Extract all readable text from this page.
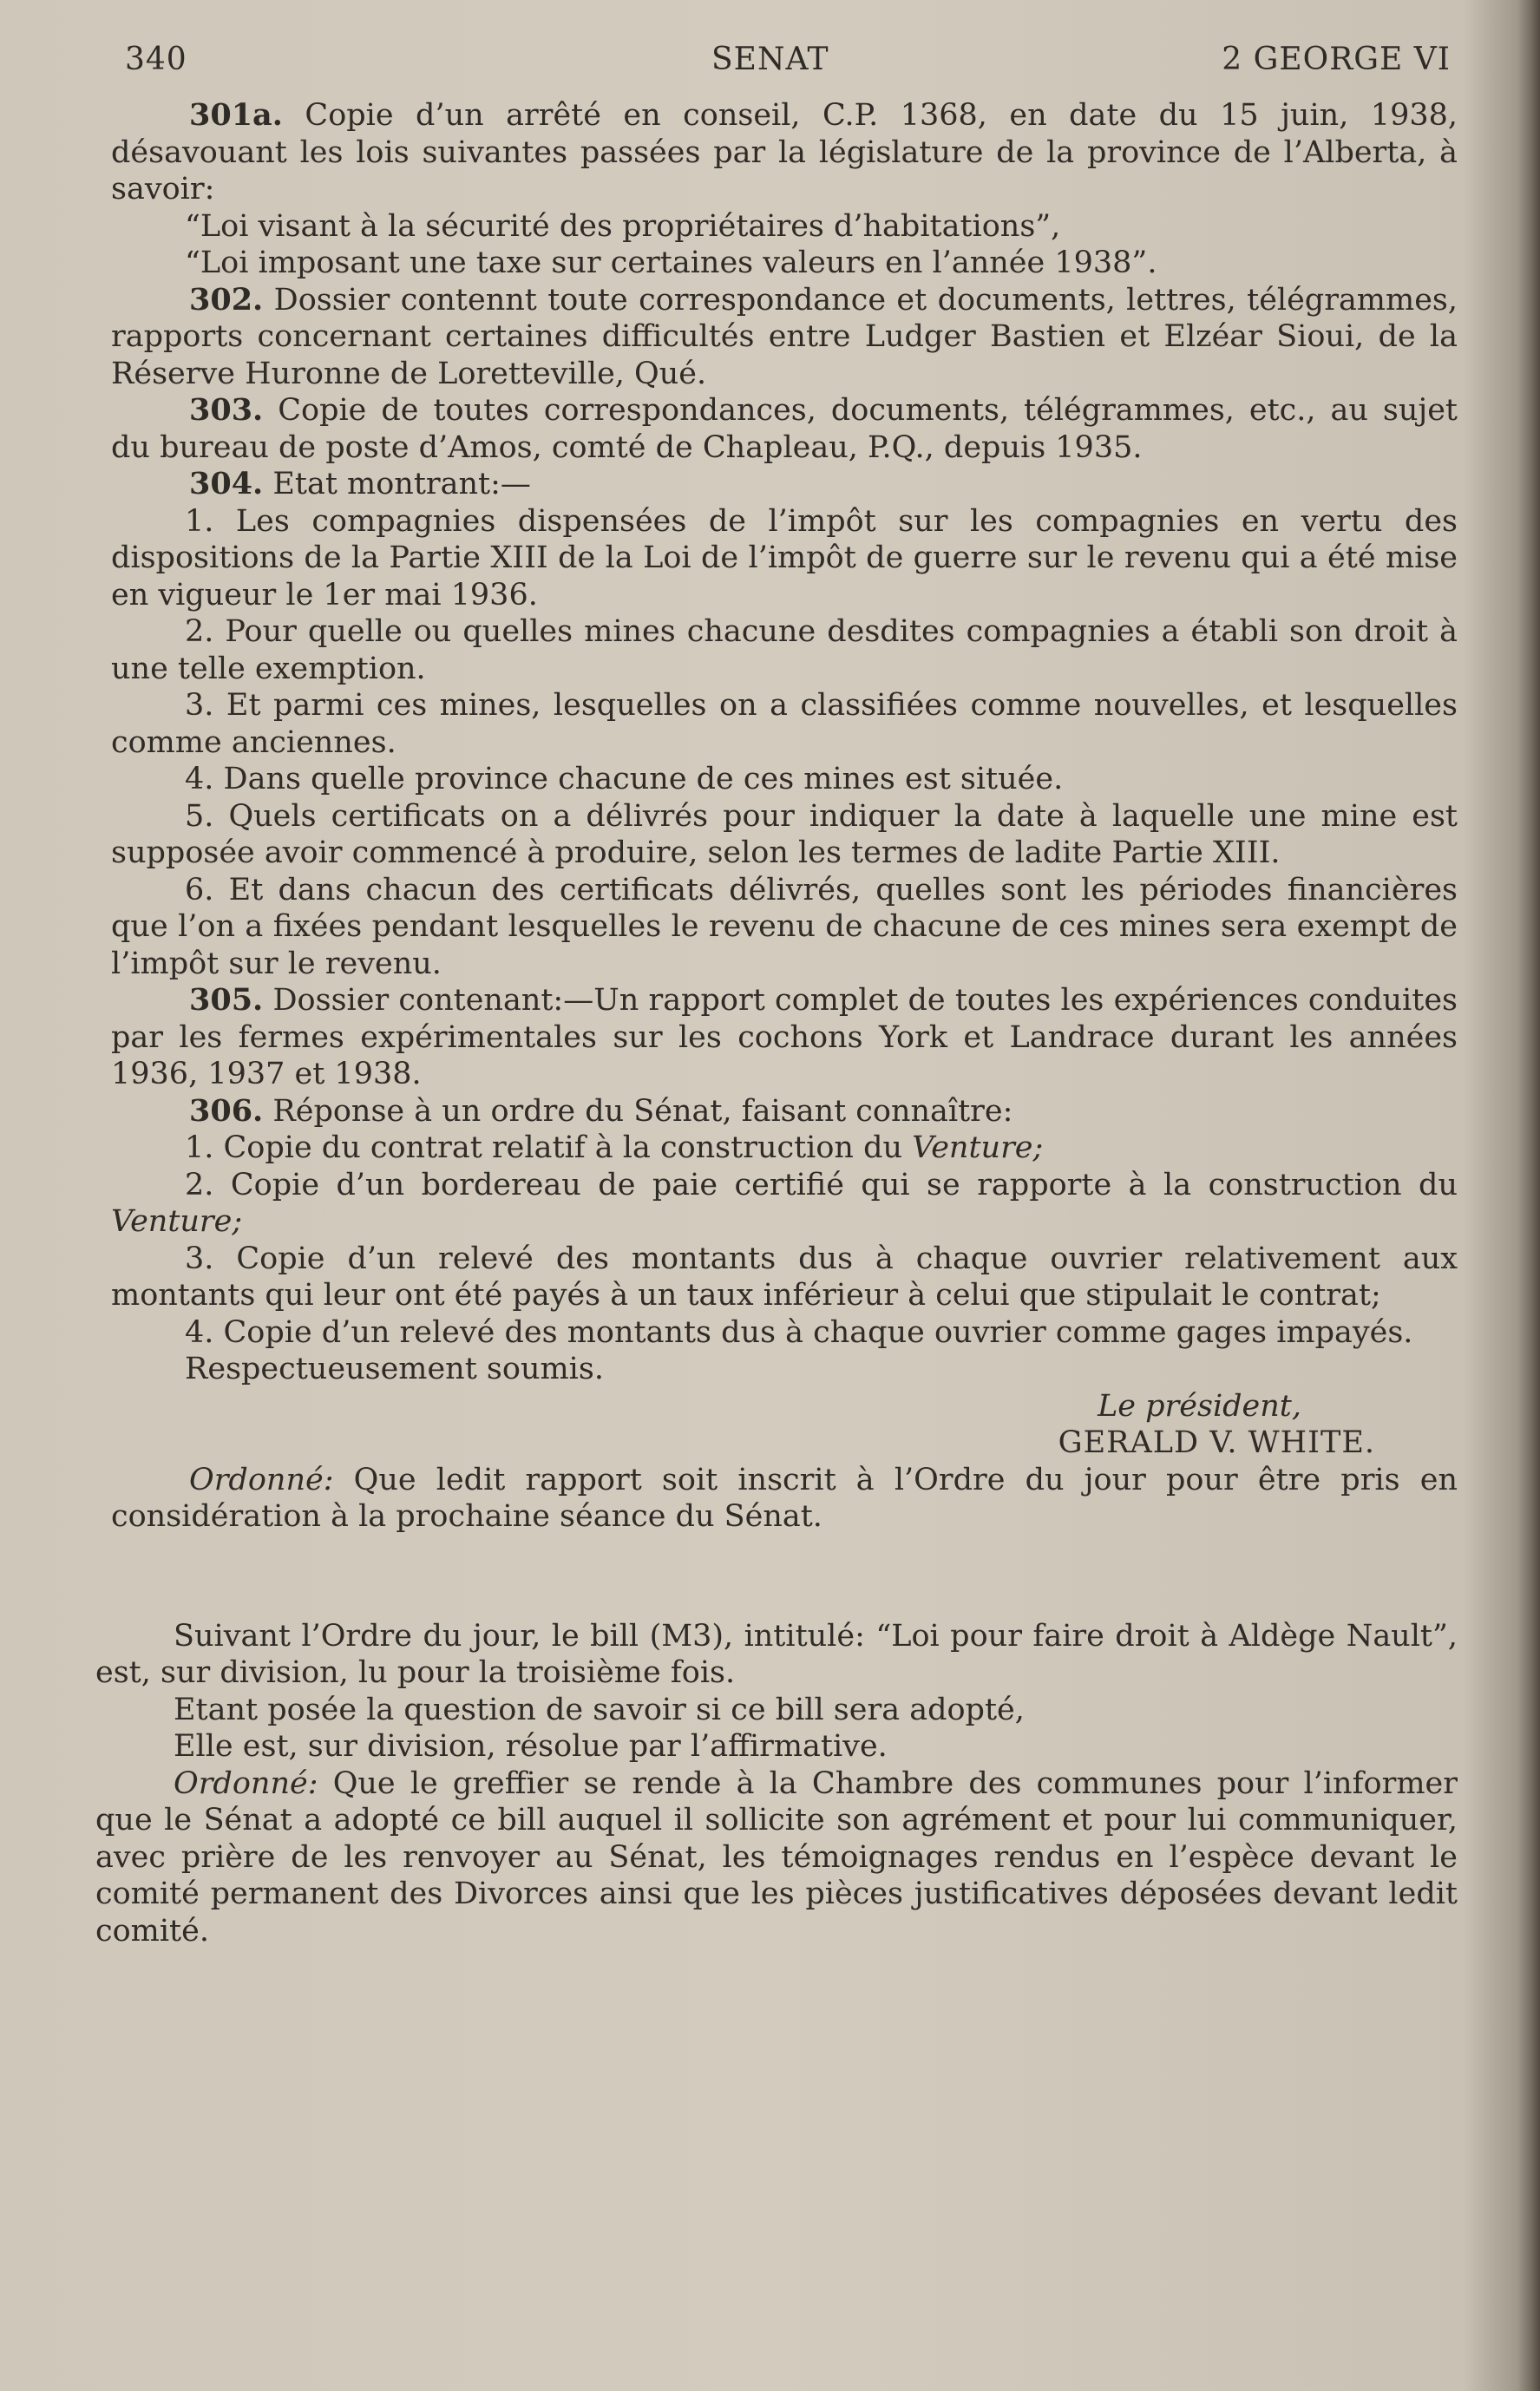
340	SENAT	2 GEORGE VI

301a. Copie d’un arrêté en conseil, C.P. 1368, en date du 15 juin, 1938, désavouant les lois suivantes passées par la législature de la province de l’Alberta, à savoir:

“Loi visant à la sécurité des propriétaires d’habitations”,

“Loi imposant une taxe sur certaines valeurs en l’année 1938”.

302. Dossier contennt toute correspondance et documents, lettres, télégrammes, rapports concernant certaines difficultés entre Ludger Bastien et Elzéar Sioui, de la Réserve Huronne de Loretteville, Qué.

303. Copie de toutes correspondances, documents, télégrammes, etc., au sujet du bureau de poste d’Amos, comté de Chapleau, P.Q., depuis 1935.

304. Etat montrant:—

1. Les compagnies dispensées de l’impôt sur les compagnies en vertu des dispositions de la Partie XIII de la Loi de l’impôt de guerre sur le revenu qui a été mise en vigueur le 1er mai 1936.

2. Pour quelle ou quelles mines chacune desdites compagnies a établi son droit à une telle exemption.

3. Et parmi ces mines, lesquelles on a classifiées comme nouvelles, et lesquelles comme anciennes.

4. Dans quelle province chacune de ces mines est située.

5. Quels certificats on a délivrés pour indiquer la date à laquelle une mine est supposée avoir commencé à produire, selon les termes de ladite Partie XIII.

6. Et dans chacun des certificats délivrés, quelles sont les périodes financières que l’on a fixées pendant lesquelles le revenu de chacune de ces mines sera exempt de l’impôt sur le revenu.

305. Dossier contenant:—Un rapport complet de toutes les expériences conduites par les fermes expérimentales sur les cochons York et Landrace durant les années 1936, 1937 et 1938.

306. Réponse à un ordre du Sénat, faisant connaître:

1. Copie du contrat relatif à la construction du Venture;

2. Copie d’un bordereau de paie certifié qui se rapporte à la construction du Venture;

3. Copie d’un relevé des montants dus à chaque ouvrier relativement aux montants qui leur ont été payés à un taux inférieur à celui que stipulait le contrat;

4. Copie d’un relevé des montants dus à chaque ouvrier comme gages impayés.

Respectueusement soumis.

Le président,

GERALD V. WHITE.

Ordonné: Que ledit rapport soit inscrit à l’Ordre du jour pour être pris en considération à la prochaine séance du Sénat.

Suivant l’Ordre du jour, le bill (M3), intitulé: “Loi pour faire droit à Aldège Nault”, est, sur division, lu pour la troisième fois.

Etant posée la question de savoir si ce bill sera adopté,

Elle est, sur division, résolue par l’affirmative.

Ordonné: Que le greffier se rende à la Chambre des communes pour l’informer que le Sénat a adopté ce bill auquel il sollicite son agrément et pour lui communiquer, avec prière de les renvoyer au Sénat, les témoignages rendus en l’espèce devant le comité permanent des Divorces ainsi que les pièces justificatives déposées devant ledit comité.
